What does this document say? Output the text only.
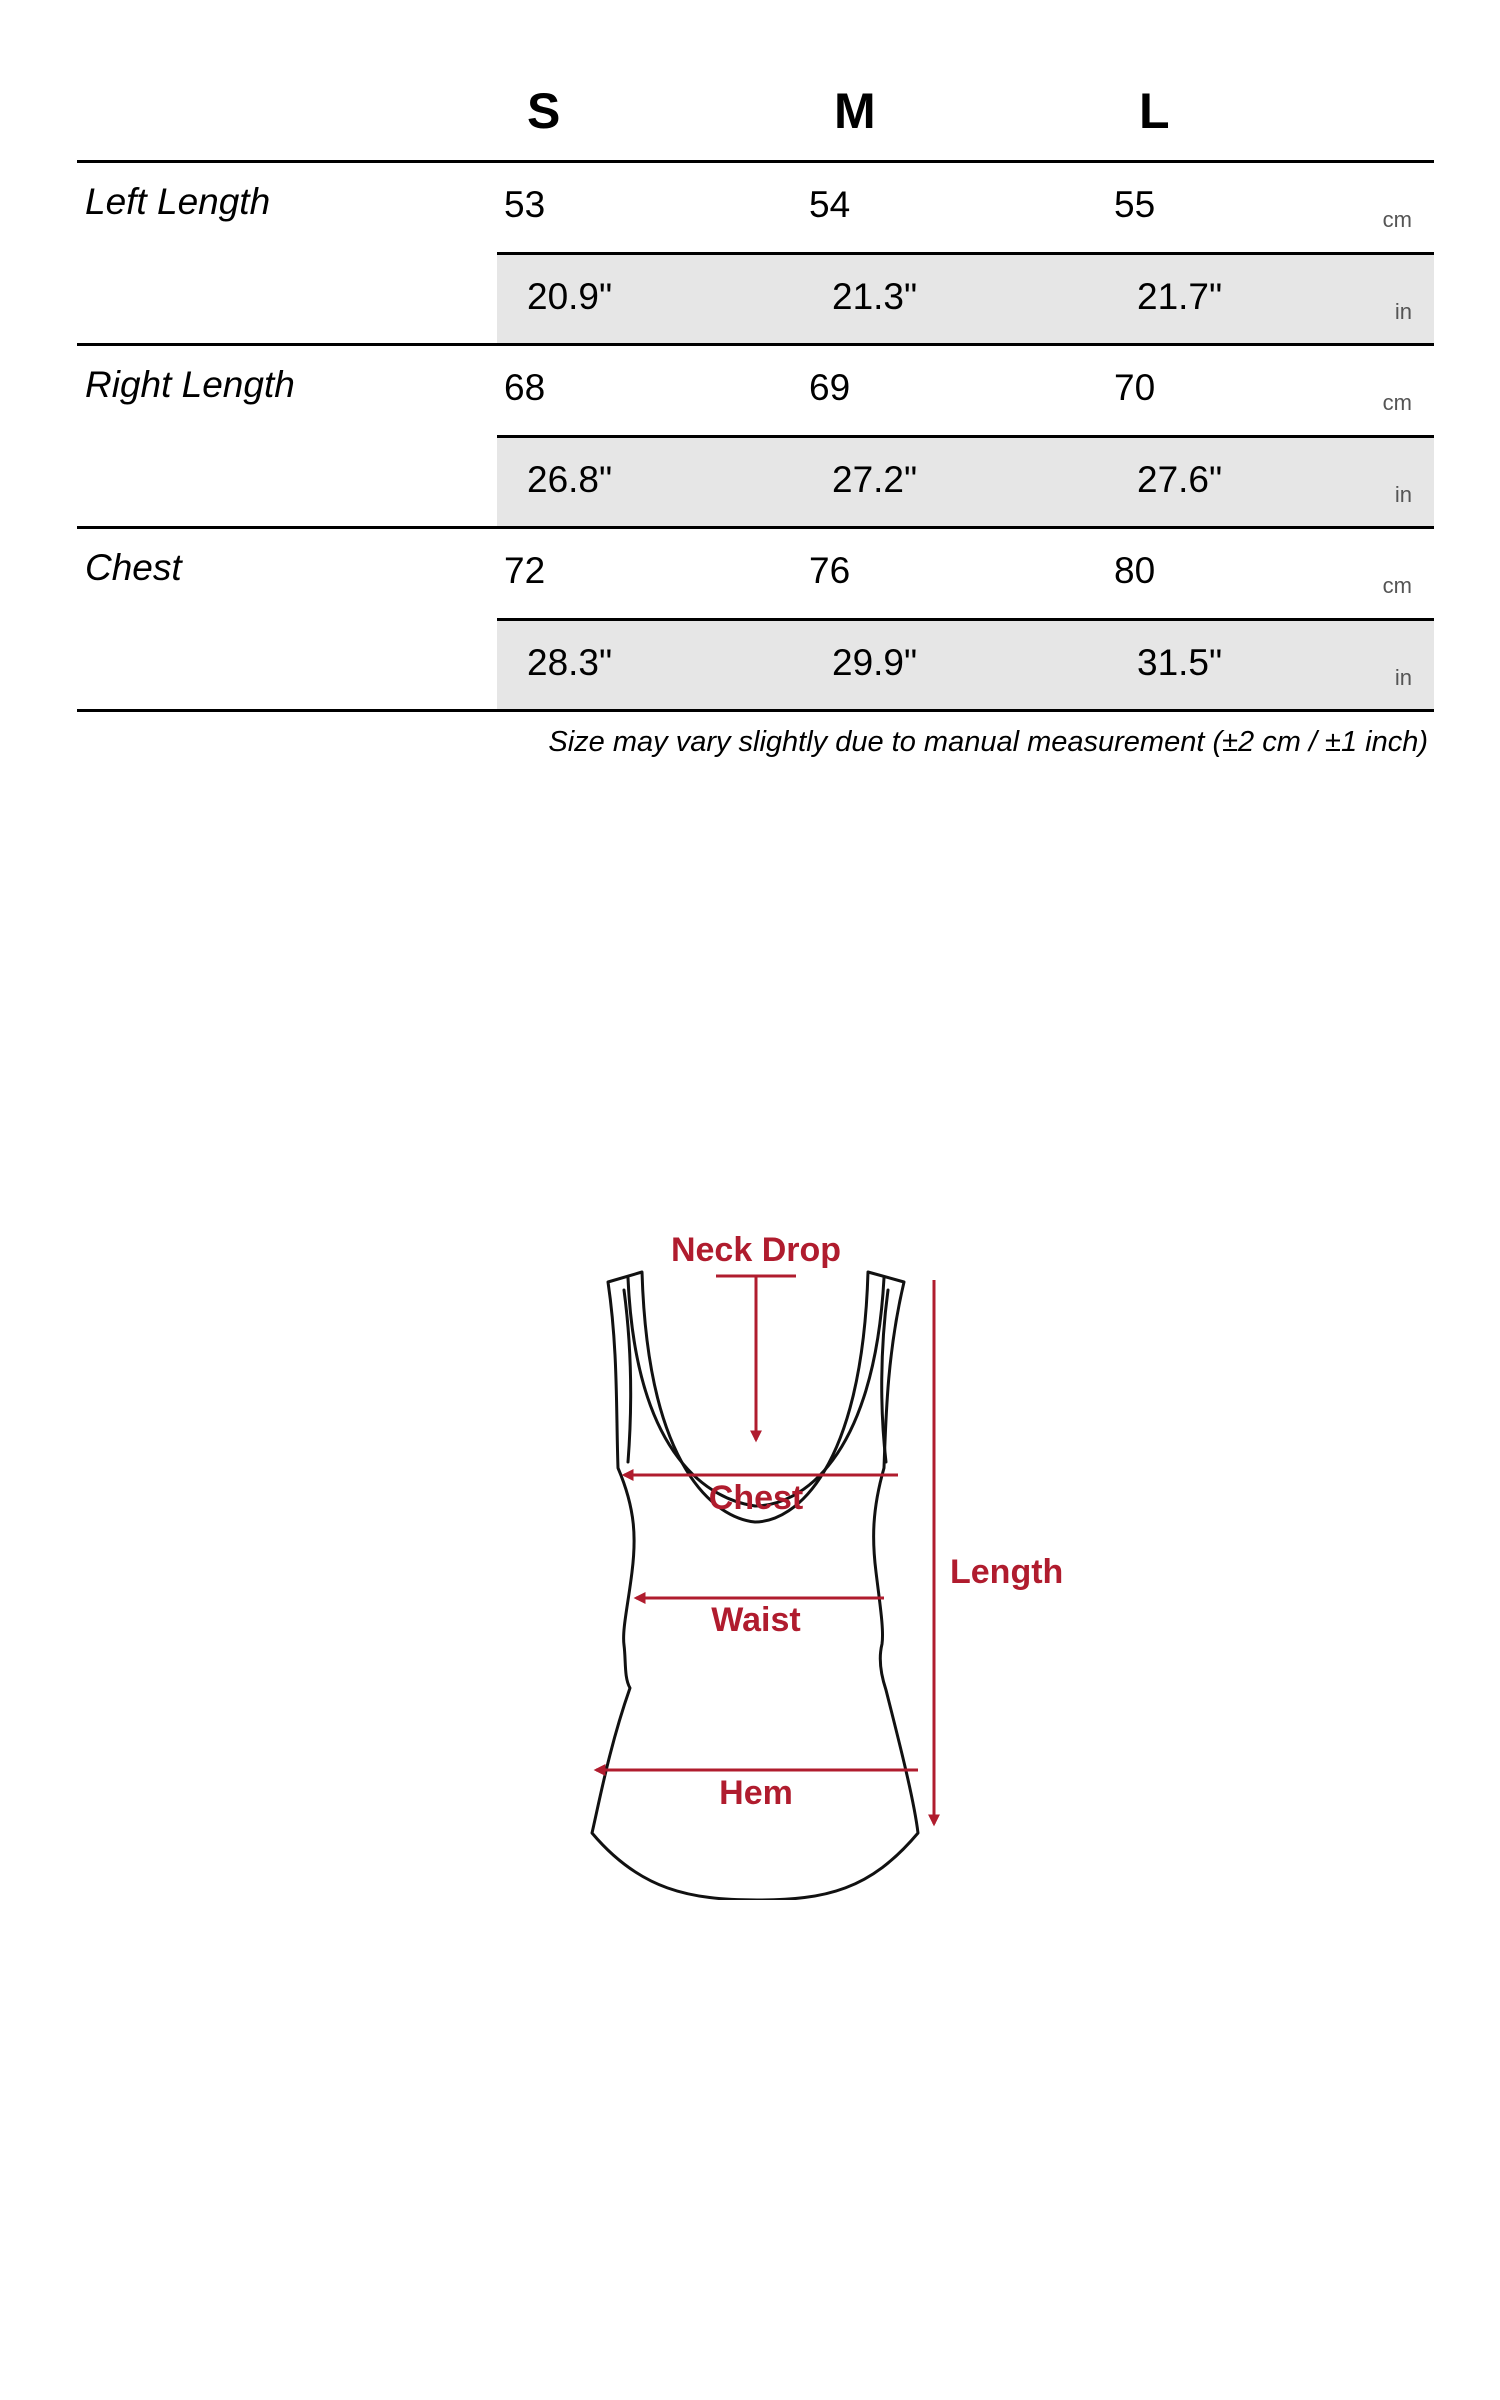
S	M	L
Left Length	53	54	55	cm
20.9"	21.3"	21.7"	in
Right Length	68	69	70	cm
26.8"	27.2"	27.6"	in
Chest	72	76	80	cm
28.3"	29.9"	31.5"	in
Size may vary slightly due to manual measurement (±2 cm / ±1 inch)
Neck Drop
Chest
Waist
Hem
Length
